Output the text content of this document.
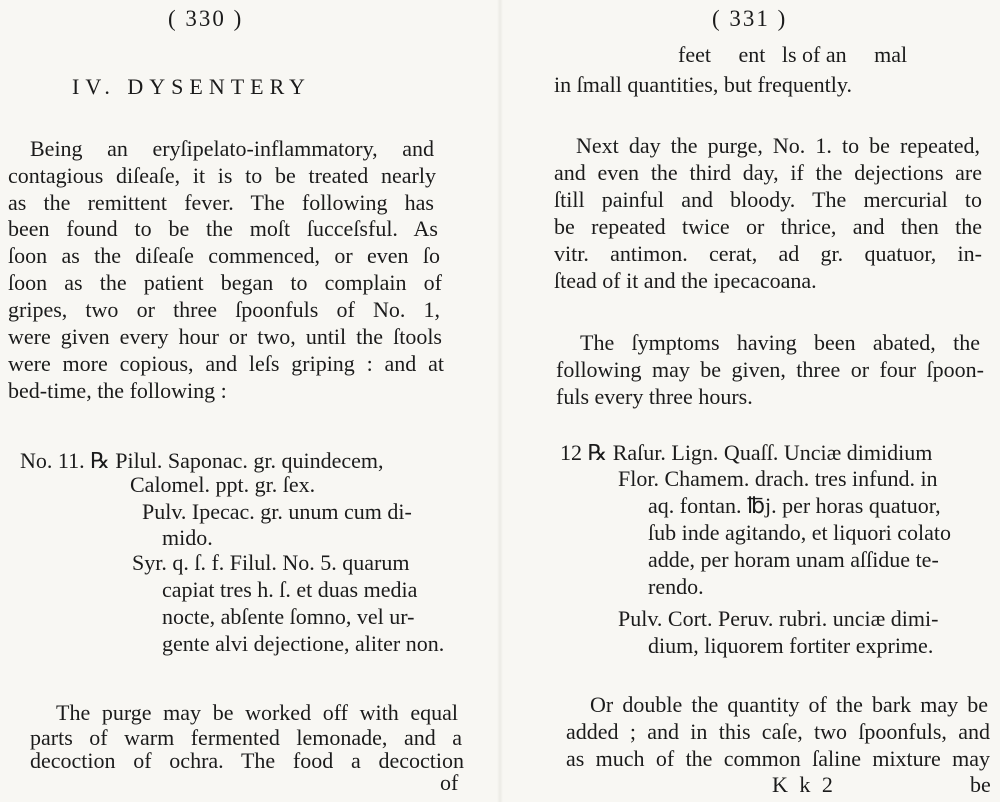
( 330 )
IV. DYSENTERY
Being an eryſipelato-inflammatory, and
contagious diſeaſe, it is to be treated nearly
as the remittent fever. The following has
been found to be the moſt ſucceſsful. As
ſoon as the diſeaſe commenced, or even ſo
ſoon as the patient began to complain of
gripes, two or three ſpoonfuls of No. 1,
were given every hour or two, until the ſtools
were more copious, and leſs griping : and at
bed-time, the following :
No. 11. ℞ Pilul. Saponac. gr. quindecem,
Calomel. ppt. gr. ſex.
Pulv. Ipecac. gr. unum cum di-
mido.
Syr. q. ſ. f. Filul. No. 5. quarum
capiat tres h. ſ. et duas media
nocte, abſente ſomno, vel ur-
gente alvi dejectione, aliter non.
The purge may be worked off with equal
parts of warm fermented lemonade, and a
decoction of ochra. The food a decoction
of
( 331 )
feet     ent   ls of an     mal
in ſmall quantities, but frequently.
Next day the purge, No. 1. to be repeated,
and even the third day, if the dejections are
ſtill painful and bloody. The mercurial to
be repeated twice or thrice, and then the
vitr. antimon. cerat, ad gr. quatuor, in-
ſtead of it and the ipecacoana.
The ſymptoms having been abated, the
following may be given, three or four ſpoon-
fuls every three hours.
12 ℞ Raſur. Lign. Quaſſ. Unciæ dimidium
Flor. Chamem. drach. tres infund. in
aq. fontan. ℔j. per horas quatuor,
ſub inde agitando, et liquori colato
adde, per horam unam aſſidue te-
rendo.
Pulv. Cort. Peruv. rubri. unciæ dimi-
dium, liquorem fortiter exprime.
Or double the quantity of the bark may be
added ; and in this caſe, two ſpoonfuls, and
as much of the common ſaline mixture may
K k 2	be
